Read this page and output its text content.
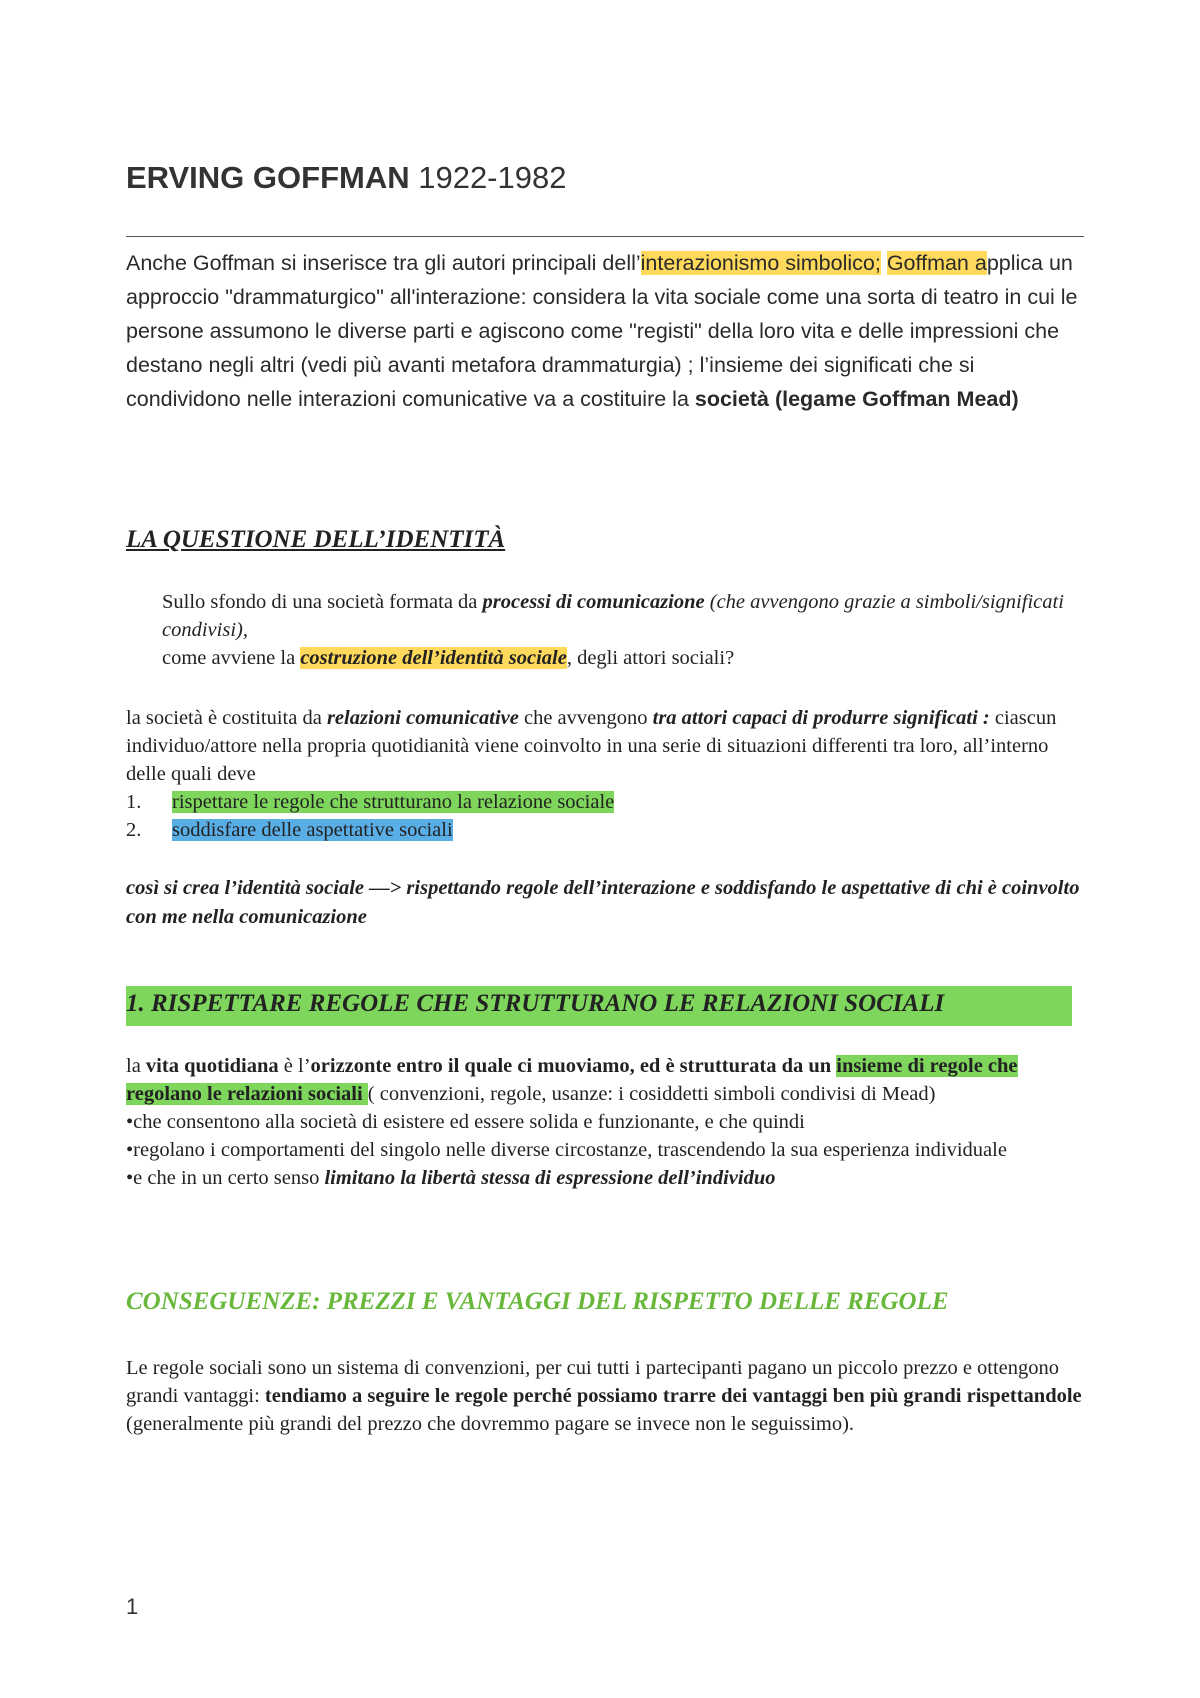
ERVING GOFFMAN 1922-1982
Anche Goffman si inserisce tra gli autori principali dell’interazionismo simbolico; Goffman applica un approccio "drammaturgico" all'interazione: considera la vita sociale come una sorta di teatro in cui le persone assumono le diverse parti e agiscono come "registi" della loro vita e delle impressioni che destano negli altri (vedi più avanti metafora drammaturgia) ; l’insieme dei significati che si condividono nelle interazioni comunicative va a costituire la società (legame Goffman Mead)
LA QUESTIONE DELL’IDENTITÀ
Sullo sfondo di una società formata da processi di comunicazione (che avvengono grazie a simboli/significati condivisi),
come avviene la costruzione dell’identità sociale, degli attori sociali?
la società è costituita da relazioni comunicative che avvengono tra attori capaci di produrre significati : ciascun individuo/attore nella propria quotidianità viene coinvolto in una serie di situazioni differenti tra loro, all’interno delle quali deve
1. rispettare le regole che strutturano la relazione sociale
2. soddisfare delle aspettative sociali
così si crea l’identità sociale —> rispettando regole dell’interazione e soddisfando le aspettative di chi è coinvolto con me nella comunicazione
1. RISPETTARE REGOLE CHE STRUTTURANO LE RELAZIONI SOCIALI
la vita quotidiana è l’orizzonte entro il quale ci muoviamo, ed è strutturata da un insieme di regole che regolano le relazioni sociali ( convenzioni, regole, usanze: i cosiddetti simboli condivisi di Mead)
•che consentono alla società di esistere ed essere solida e funzionante, e che quindi
•regolano i comportamenti del singolo nelle diverse circostanze, trascendendo la sua esperienza individuale
•e che in un certo senso limitano la libertà stessa di espressione dell’individuo
CONSEGUENZE: PREZZI E VANTAGGI DEL RISPETTO DELLE REGOLE
Le regole sociali sono un sistema di convenzioni, per cui tutti i partecipanti pagano un piccolo prezzo e ottengono grandi vantaggi: tendiamo a seguire le regole perché possiamo trarre dei vantaggi ben più grandi rispettandole (generalmente più grandi del prezzo che dovremmo pagare se invece non le seguissimo).
1
